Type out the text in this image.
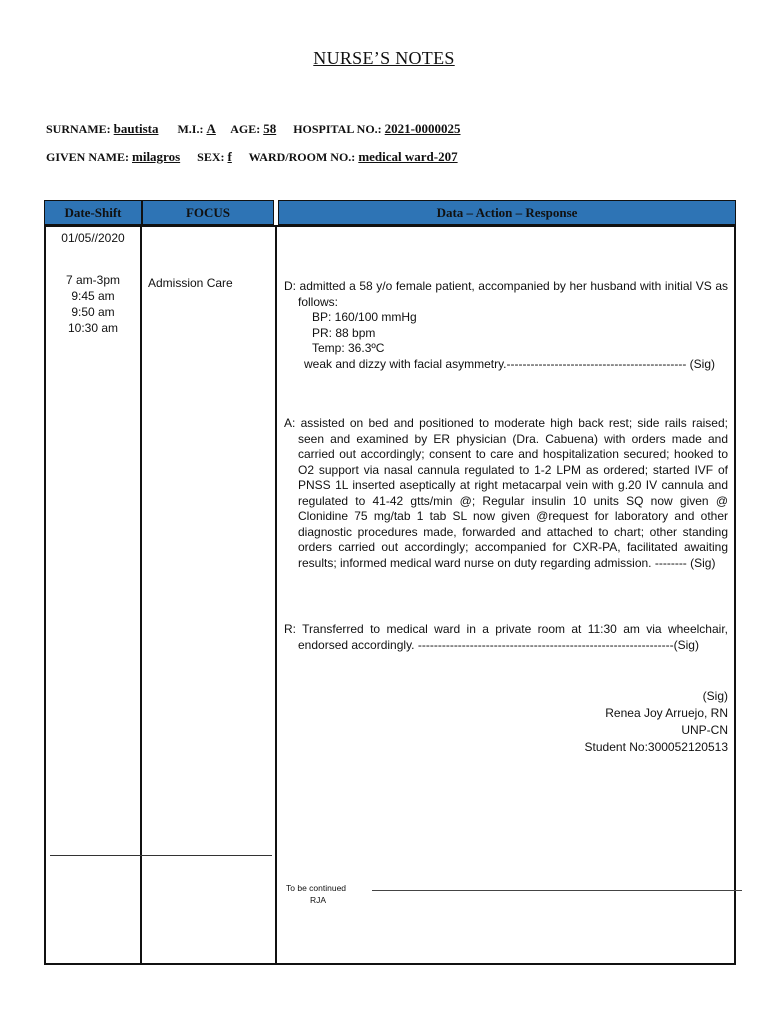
NURSE’S NOTES
SURNAME: bautista M.I.: A AGE: 58 HOSPITAL NO.: 2021-0000025
GIVEN NAME: milagros SEX: f WARD/ROOM NO.: medical ward-207
Date-Shift	FOCUS	Data – Action – Response
01/05//2020
7 am-3pm
9:45 am
9:50 am
10:30 am
Admission Care	D: admitted a 58 y/o female patient, accompanied by her husband with initial VS as follows:

BP: 160/100 mmHg

PR: 88 bpm

Temp: 36.3ºC

weak and dizzy with facial asymmetry.--------------------------------------------- (Sig)

A: assisted on bed and positioned to moderate high back rest; side rails raised; seen and examined by ER physician (Dra. Cabuena) with orders made and carried out accordingly; consent to care and hospitalization secured; hooked to O2 support via nasal cannula regulated to 1-2 LPM as ordered; started IVF of PNSS 1L inserted aseptically at right metacarpal vein with g.20 IV cannula and regulated to 41-42 gtts/min @; Regular insulin 10 units SQ now given @ Clonidine 75 mg/tab 1 tab SL now given @request for laboratory and other diagnostic procedures made, forwarded and attached to chart; other standing orders carried out accordingly; accompanied for CXR-PA, facilitated awaiting results; informed medical ward nurse on duty regarding admission. -------- (Sig)

R: Transferred to medical ward in a private room at 11:30 am via wheelchair, endorsed accordingly. ----------------------------------------------------------------(Sig)

(Sig)
Renea Joy Arruejo, RN
UNP-CN
Student No:300052120513
To be continued
RJA
